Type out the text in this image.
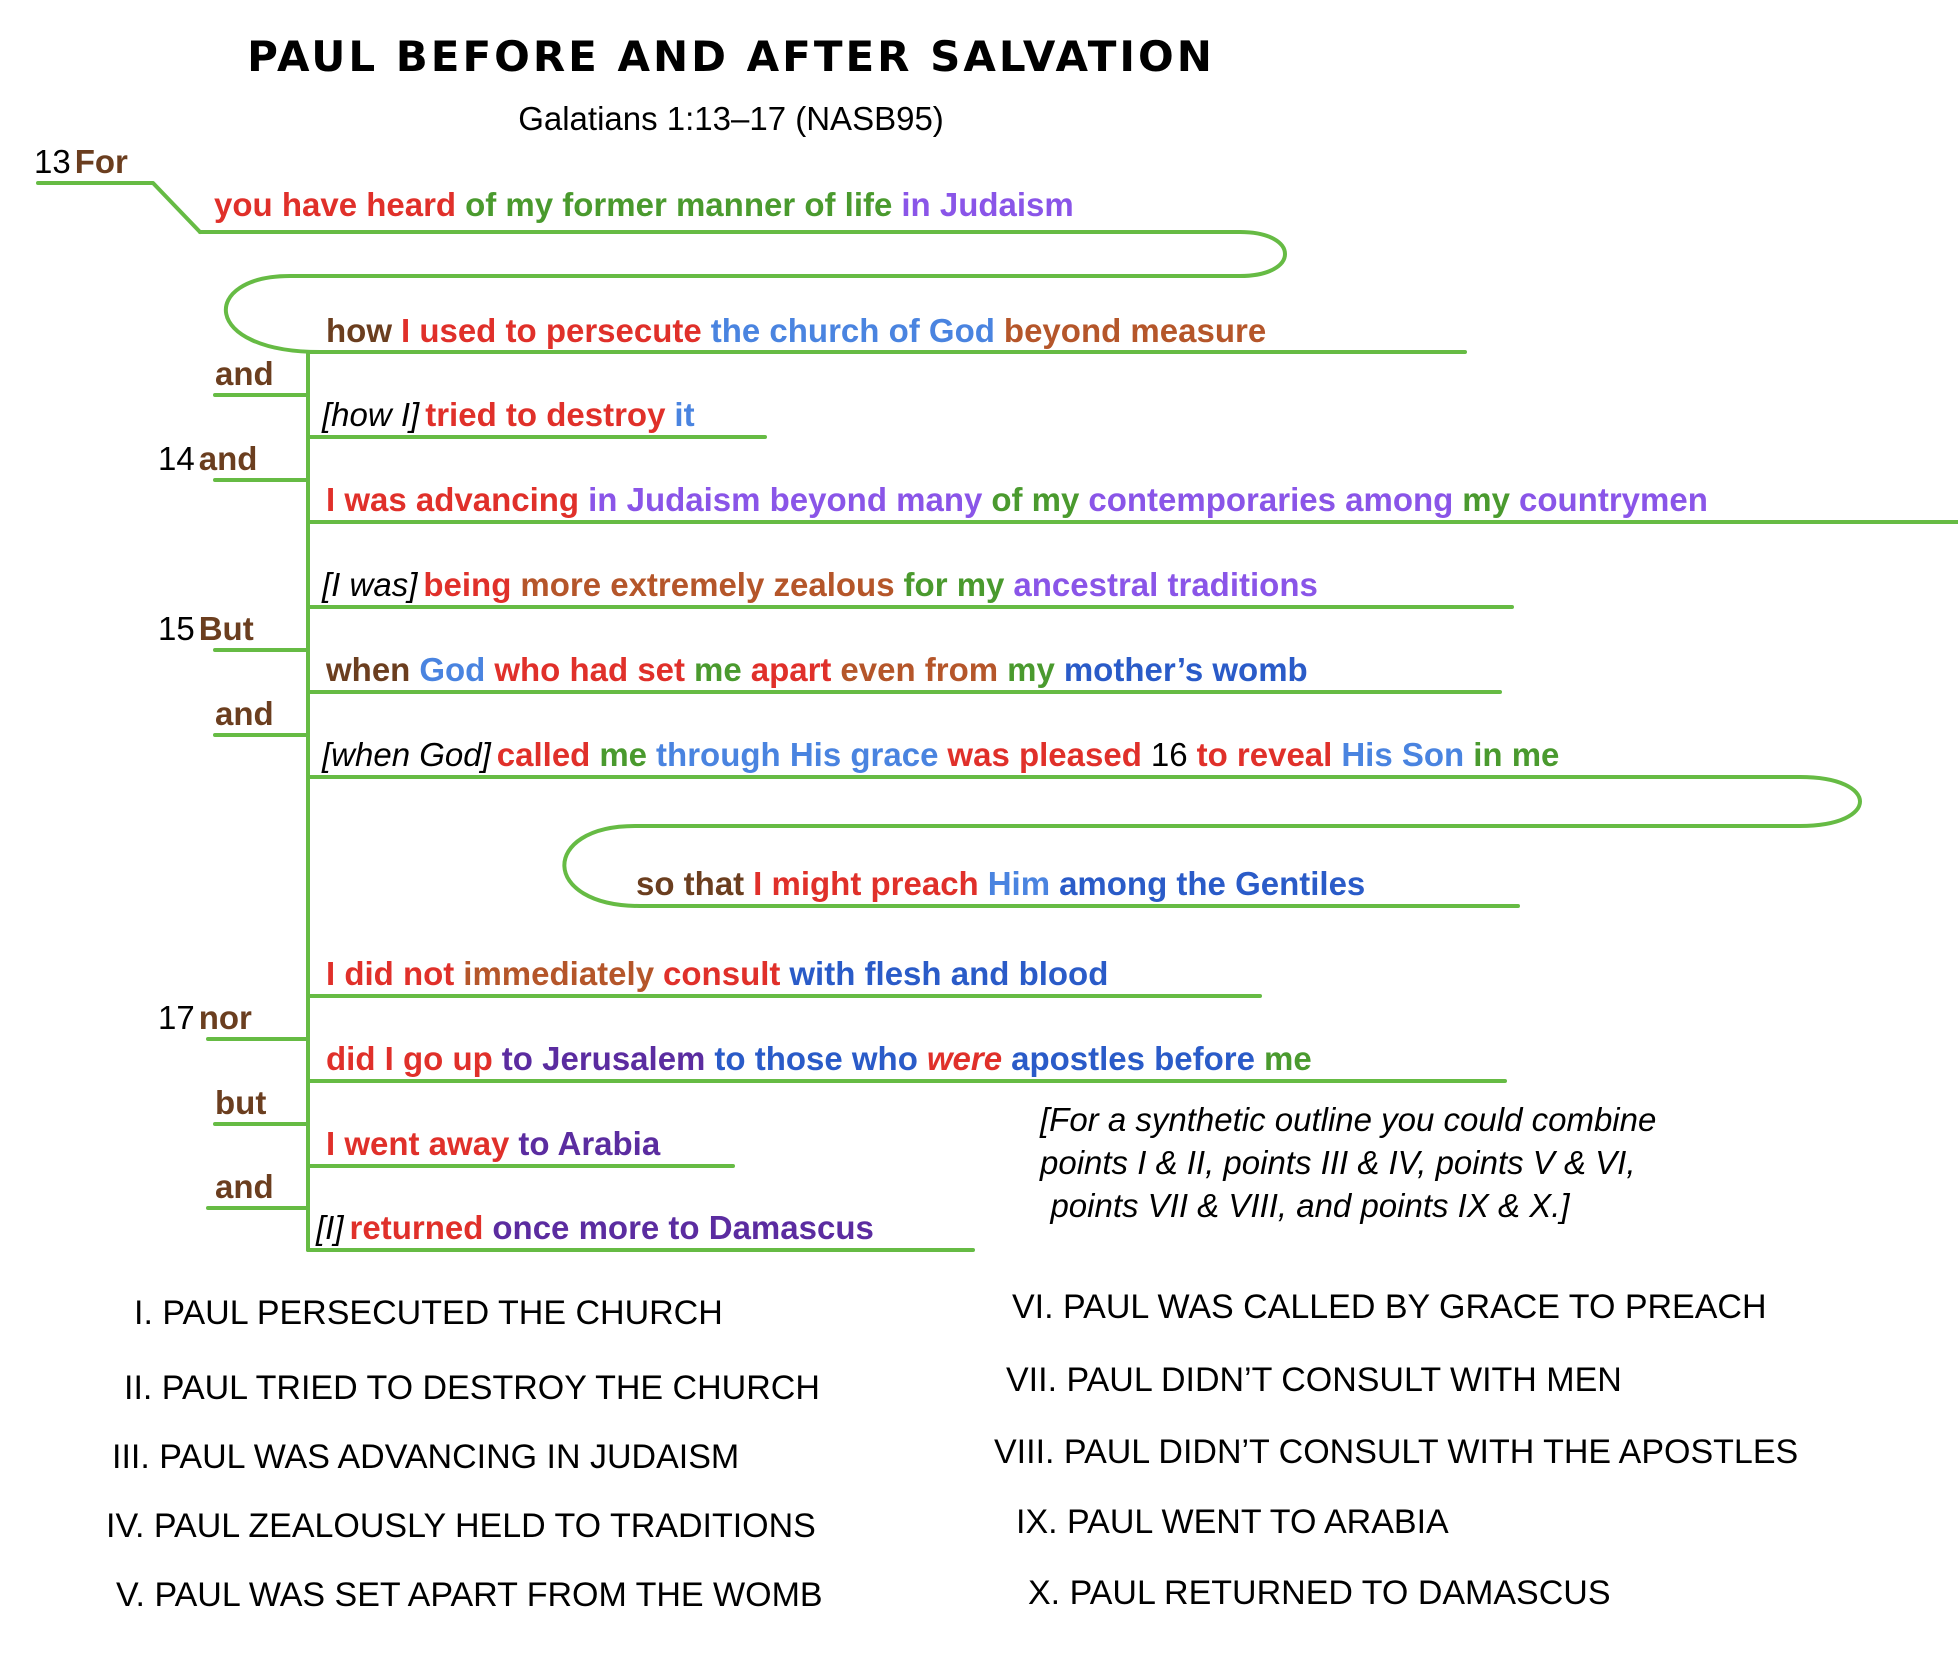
PAUL BEFORE AND AFTER SALVATION
Galatians 1:13–17 (NASB95)
13 For
and
14 and
15 But
and
17 nor
but
and
you have heard of my former manner of life in Judaism
how I used to persecute the church of God beyond measure
[how I] tried to destroy it
I was advancing in Judaism beyond many of my contemporaries among my countrymen
[I was] being more extremely zealous for my ancestral traditions
when God who had set me apart even from my mother’s womb
[when God] called me through His grace was pleased 16 to reveal His Son in me
so that I might preach Him among the Gentiles
I did not immediately consult with flesh and blood
did I go up to Jerusalem to those who were apostles before me
I went away to Arabia
[I] returned once more to Damascus
[For a synthetic outline you could combine
points I & II, points III & IV, points V & VI,
points VII & VIII, and points IX & X.]
I. PAUL PERSECUTED THE CHURCH
II. PAUL TRIED TO DESTROY THE CHURCH
III. PAUL WAS ADVANCING IN JUDAISM
IV. PAUL ZEALOUSLY HELD TO TRADITIONS
V. PAUL WAS SET APART FROM THE WOMB
VI. PAUL WAS CALLED BY GRACE TO PREACH
VII. PAUL DIDN’T CONSULT WITH MEN
VIII. PAUL DIDN’T CONSULT WITH THE APOSTLES
IX. PAUL WENT TO ARABIA
X. PAUL RETURNED TO DAMASCUS
